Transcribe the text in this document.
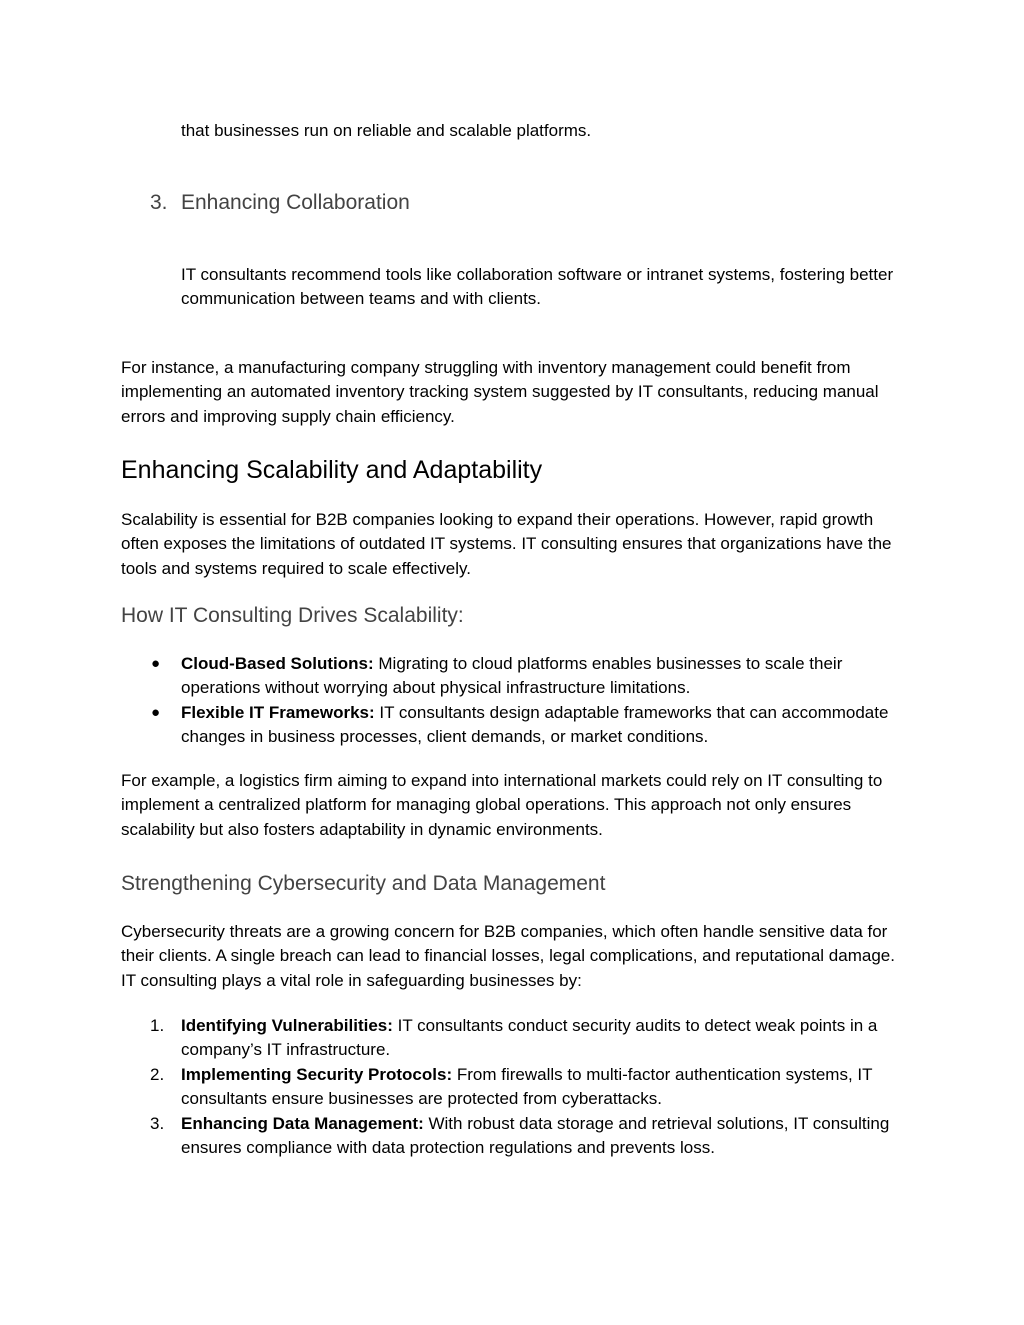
that businesses run on reliable and scalable platforms.

3. Enhancing Collaboration

IT consultants recommend tools like collaboration software or intranet systems, fostering better communication between teams and with clients.

For instance, a manufacturing company struggling with inventory management could benefit from implementing an automated inventory tracking system suggested by IT consultants, reducing manual errors and improving supply chain efficiency.

Enhancing Scalability and Adaptability

Scalability is essential for B2B companies looking to expand their operations. However, rapid growth often exposes the limitations of outdated IT systems. IT consulting ensures that organizations have the tools and systems required to scale effectively.

How IT Consulting Drives Scalability:
● Cloud-Based Solutions: Migrating to cloud platforms enables businesses to scale their operations without worrying about physical infrastructure limitations.
● Flexible IT Frameworks: IT consultants design adaptable frameworks that can accommodate changes in business processes, client demands, or market conditions.

For example, a logistics firm aiming to expand into international markets could rely on IT consulting to implement a centralized platform for managing global operations. This approach not only ensures scalability but also fosters adaptability in dynamic environments.

Strengthening Cybersecurity and Data Management

Cybersecurity threats are a growing concern for B2B companies, which often handle sensitive data for their clients. A single breach can lead to financial losses, legal complications, and reputational damage. IT consulting plays a vital role in safeguarding businesses by:

1. Identifying Vulnerabilities: IT consultants conduct security audits to detect weak points in a company’s IT infrastructure.
2. Implementing Security Protocols: From firewalls to multi-factor authentication systems, IT consultants ensure businesses are protected from cyberattacks.
3. Enhancing Data Management: With robust data storage and retrieval solutions, IT consulting ensures compliance with data protection regulations and prevents loss.
